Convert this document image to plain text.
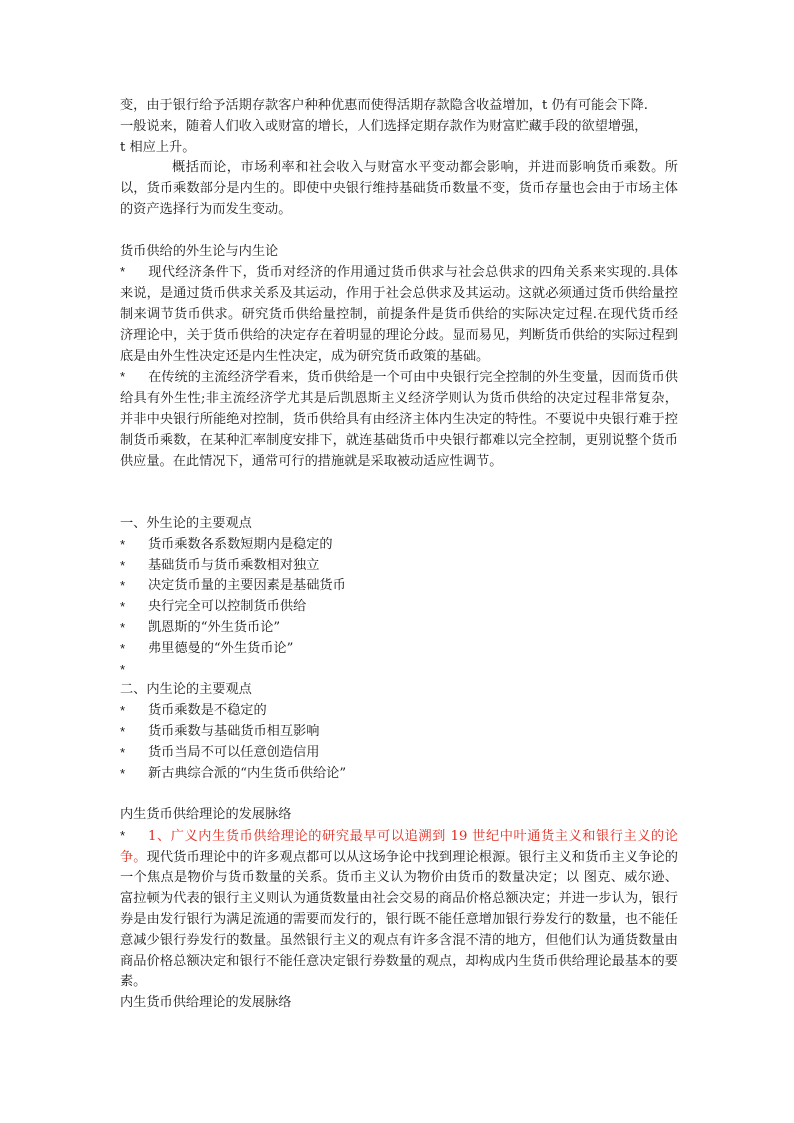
变，由于银行给予活期存款客户种种优惠而使得活期存款隐含收益增加，t 仍有可能会下降.

一般说来，随着人们收入或财富的增长，人们选择定期存款作为财富贮藏手段的欲望增强，

t 相应上升。

概括而论，市场利率和社会收入与财富水平变动都会影响，并进而影响货币乘数。所以，货币乘数部分是内生的。即使中央银行维持基础货币数量不变，货币存量也会由于市场主体的资产选择行为而发生变动。

货币供给的外生论与内生论

* 现代经济条件下，货币对经济的作用通过货币供求与社会总供求的四角关系来实现的.具体来说，是通过货币供求关系及其运动，作用于社会总供求及其运动。这就必须通过货币供给量控制来调节货币供求。研究货币供给量控制，前提条件是货币供给的实际决定过程.在现代货币经济理论中，关于货币供给的决定存在着明显的理论分歧。显而易见，判断货币供给的实际过程到底是由外生性决定还是内生性决定，成为研究货币政策的基础。

* 在传统的主流经济学看来，货币供给是一个可由中央银行完全控制的外生变量，因而货币供给具有外生性;非主流经济学尤其是后凯恩斯主义经济学则认为货币供给的决定过程非常复杂，并非中央银行所能绝对控制，货币供给具有由经济主体内生决定的特性。不要说中央银行难于控制货币乘数，在某种汇率制度安排下，就连基础货币中央银行都难以完全控制，更别说整个货币供应量。在此情况下，通常可行的措施就是采取被动适应性调节。

一、外生论的主要观点

*	货币乘数各系数短期内是稳定的
*	基础货币与货币乘数相对独立
*	决定货币量的主要因素是基础货币
*	央行完全可以控制货币供给
*	凯恩斯的“外生货币论”
*	弗里德曼的“外生货币论”
*

二、内生论的主要观点

*	货币乘数是不稳定的
*	货币乘数与基础货币相互影响
*	货币当局不可以任意创造信用
*	新古典综合派的“内生货币供给论”

内生货币供给理论的发展脉络

* 1、广义内生货币供给理论的研究最早可以追溯到 19 世纪中叶通货主义和银行主义的论争。现代货币理论中的许多观点都可以从这场争论中找到理论根源。银行主义和货币主义争论的一个焦点是物价与货币数量的关系。货币主义认为物价由货币的数量决定；以 图克、威尔逊、富拉顿为代表的银行主义则认为通货数量由社会交易的商品价格总额决定；并进一步认为，银行券是由发行银行为满足流通的需要而发行的，银行既不能任意增加银行券发行的数量，也不能任意减少银行券发行的数量。虽然银行主义的观点有许多含混不清的地方，但他们认为通货数量由商品价格总额决定和银行不能任意决定银行券数量的观点，却构成内生货币供给理论最基本的要素。

内生货币供给理论的发展脉络
